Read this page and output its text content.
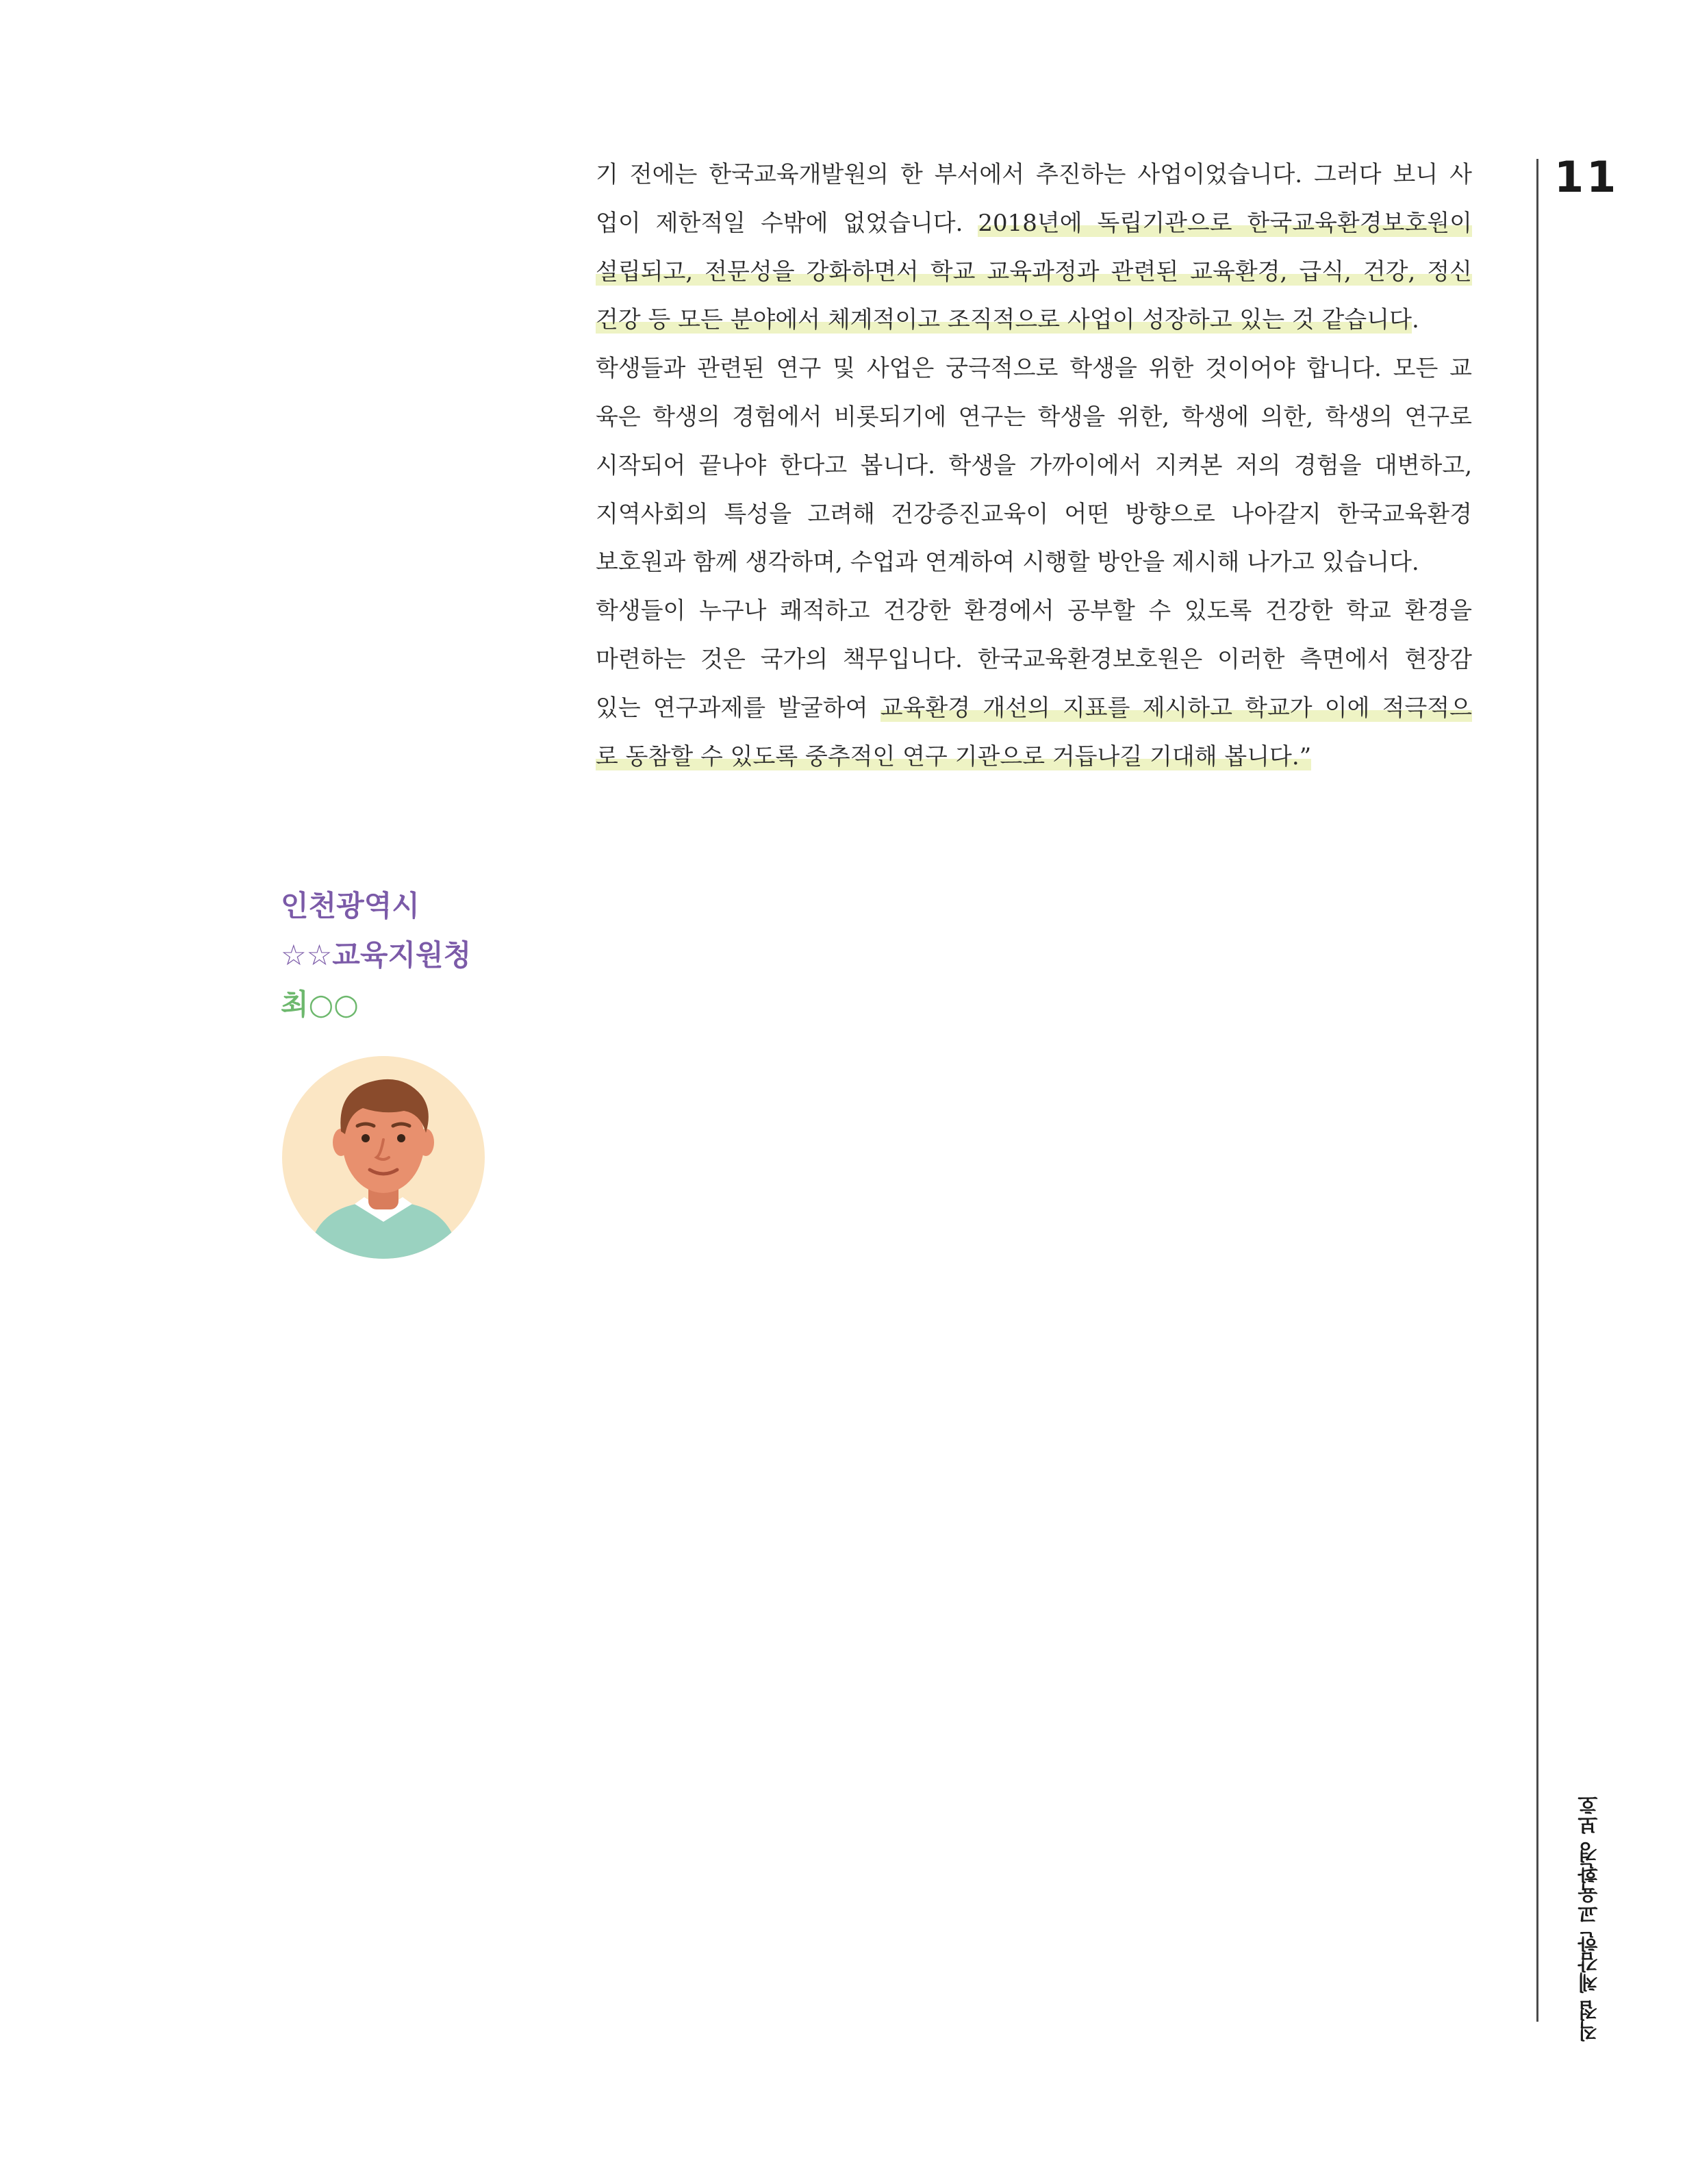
11
직접 체감한 교육환경 보호
기 전에는 한국교육개발원의 한 부서에서 추진하는 사업이었습니다. 그러다 보니 사
업이 제한적일 수밖에 없었습니다. 2018년에 독립기관으로 한국교육환경보호원이
설립되고, 전문성을 강화하면서 학교 교육과정과 관련된 교육환경, 급식, 건강, 정신
건강 등 모든 분야에서 체계적이고 조직적으로 사업이 성장하고 있는 것 같습니다.
학생들과 관련된 연구 및 사업은 궁극적으로 학생을 위한 것이어야 합니다. 모든 교
육은 학생의 경험에서 비롯되기에 연구는 학생을 위한, 학생에 의한, 학생의 연구로
시작되어 끝나야 한다고 봅니다. 학생을 가까이에서 지켜본 저의 경험을 대변하고,
지역사회의 특성을 고려해 건강증진교육이 어떤 방향으로 나아갈지 한국교육환경
보호원과 함께 생각하며, 수업과 연계하여 시행할 방안을 제시해 나가고 있습니다.
학생들이 누구나 쾌적하고 건강한 환경에서 공부할 수 있도록 건강한 학교 환경을
마련하는 것은 국가의 책무입니다. 한국교육환경보호원은 이러한 측면에서 현장감
있는 연구과제를 발굴하여 교육환경 개선의 지표를 제시하고 학교가 이에 적극적으
로 동참할 수 있도록 중추적인 연구 기관으로 거듭나길 기대해 봅니다.”
인천광역시
☆☆교육지원청
최○○
